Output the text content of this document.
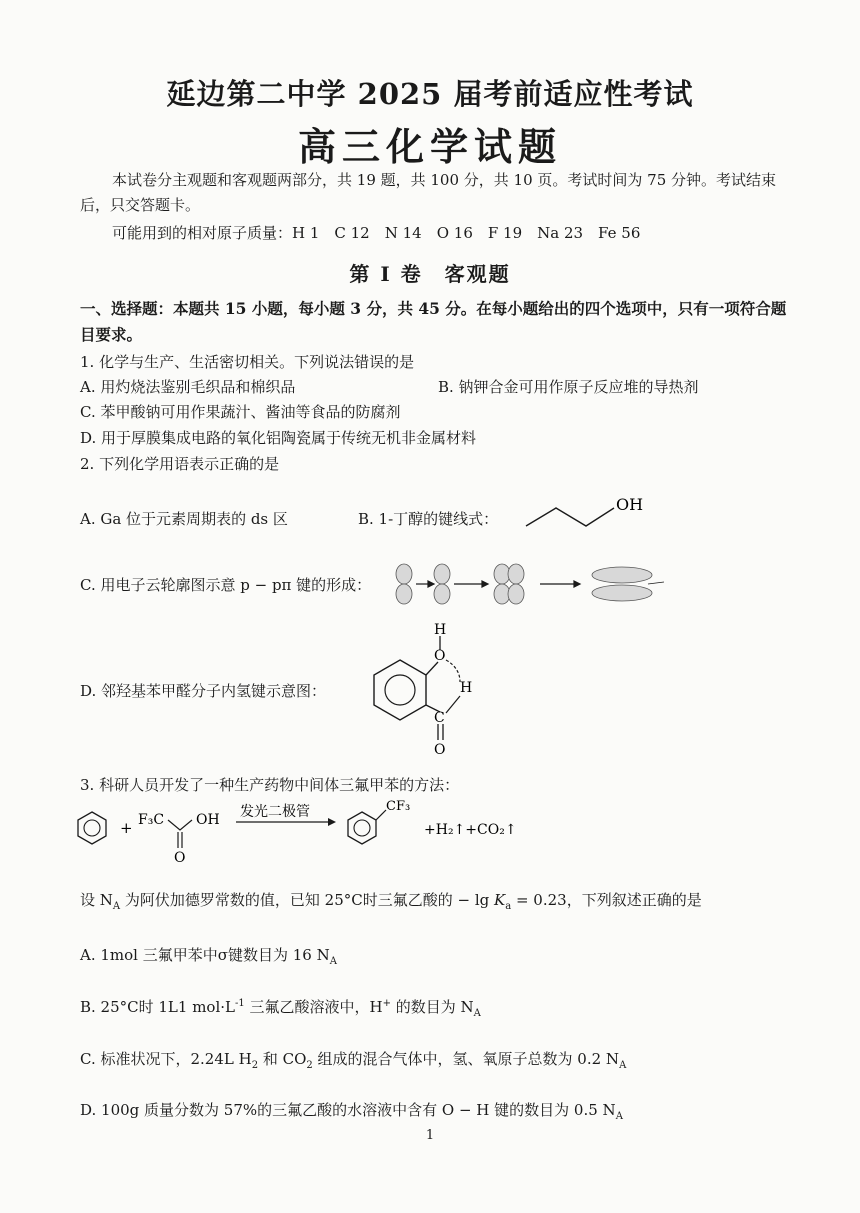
延边第二中学 2025 届考前适应性考试
高三化学试题
本试卷分主观题和客观题两部分，共 19 题，共 100 分，共 10 页。考试时间为 75 分钟。考试结束后，只交答题卡。
可能用到的相对原子质量：H 1　C 12　N 14　O 16　F 19　Na 23　Fe 56
第 Ⅰ 卷　客观题
一、选择题：本题共 15 小题，每小题 3 分，共 45 分。在每小题给出的四个选项中，只有一项符合题目要求。
1. 化学与生产、生活密切相关。下列说法错误的是
A. 用灼烧法鉴别毛织品和棉织品	B. 钠钾合金可用作原子反应堆的导热剂
C. 苯甲酸钠可用作果蔬汁、酱油等食品的防腐剂
D. 用于厚膜集成电路的氧化铝陶瓷属于传统无机非金属材料
2. 下列化学用语表示正确的是
A. Ga 位于元素周期表的 ds 区	B. 1-丁醇的键线式：
OH
C. 用电子云轮廓图示意 p − pπ 键的形成：
D. 邻羟基苯甲醛分子内氢键示意图：
H
O
H
C
O
3. 科研人员开发了一种生产药物中间体三氟甲苯的方法：
+ F₃C OH
O
发光二极管	CF₃
+H₂↑+CO₂↑
设 $N_A$ 为阿伏加德罗常数的值，已知 25°C时三氟乙酸的 − $\lg K_a = 0.23$，下列叙述正确的是
A. 1mol 三氟甲苯中σ键数目为 16 $N_A$
B. 25°C时 1L1 $mol\cdot L^{-1}$ 三氟乙酸溶液中，H+ 的数目为 $N_A$
C. 标准状况下，2.24L $H_2$ 和 $CO_2$ 组成的混合气体中，氢、氧原子总数为 0.2 $N_A$
D. 100g 质量分数为 57%的三氟乙酸的水溶液中含有 O − H 键的数目为 0.5 $N_A$
1
